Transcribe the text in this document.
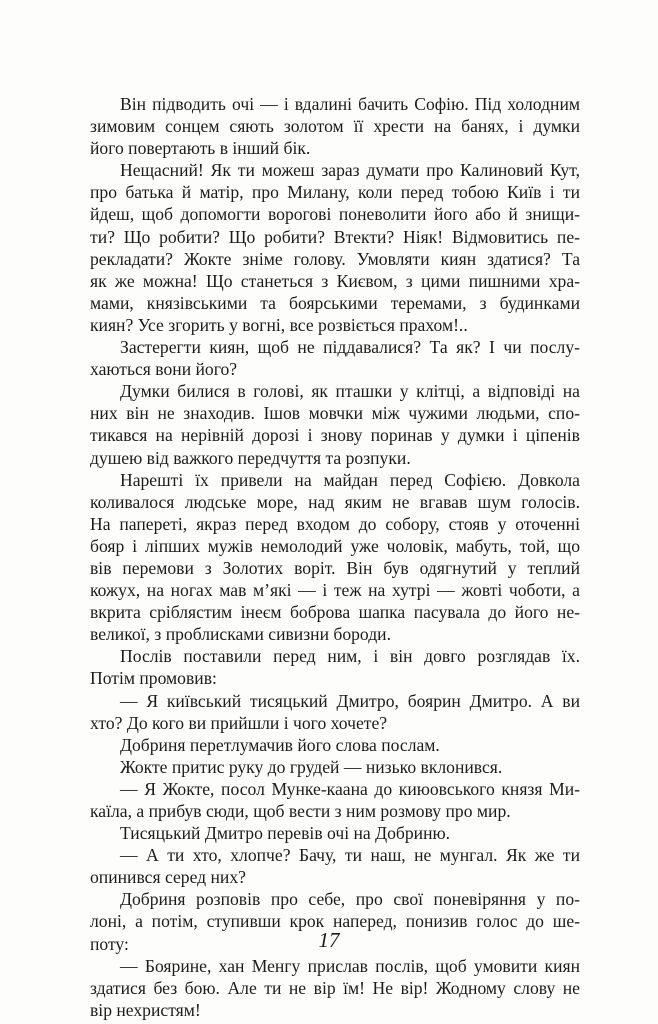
Він підводить очі — і вдалині бачить Софію. Під холодним
зимовим сонцем сяють золотом її хрести на банях, і думки
його повертають в інший бік.
Нещасний! Як ти можеш зараз думати про Калиновий Кут,
про батька й матір, про Милану, коли перед тобою Київ і ти
йдеш, щоб допомогти ворогові поневолити його або й знищи-
ти? Що робити? Що робити? Втекти? Ніяк! Відмовитись пе-
рекладати? Жокте зніме голову. Умовляти киян здатися? Та
як же можна! Що станеться з Києвом, з цими пишними хра-
мами, князівськими та боярськими теремами, з будинками
киян? Усе згорить у вогні, все розвіється прахом!..
Застерегти киян, щоб не піддавалися? Та як? І чи послу-
хаються вони його?
Думки билися в голові, як пташки у клітці, а відповіді на
них він не знаходив. Ішов мовчки між чужими людьми, спо-
тикався на нерівній дорозі і знову поринав у думки і ціпенів
душею від важкого передчуття та розпуки.
Нарешті їх привели на майдан перед Софією. Довкола
коливалося людське море, над яким не вгавав шум голосів.
На папереті, якраз перед входом до собору, стояв у оточенні
бояр і ліпших мужів немолодий уже чоловік, мабуть, той, що
вів перемови з Золотих воріт. Він був одягнутий у теплий
кожух, на ногах мав м’які — і теж на хутрі — жовті чоботи, а
вкрита сріблястим інеєм боброва шапка пасувала до його не-
великої, з проблисками сивизни бороди.
Послів поставили перед ним, і він довго розглядав їх.
Потім промовив:
— Я київський тисяцький Дмитро, боярин Дмитро. А ви
хто? До кого ви прийшли і чого хочете?
Добриня перетлумачив його слова послам.
Жокте притис руку до грудей — низько вклонився.
— Я Жокте, посол Мунке-каана до киюовського князя Ми-
каїла, а прибув сюди, щоб вести з ним розмову про мир.
Тисяцький Дмитро перевів очі на Добриню.
— А ти хто, хлопче? Бачу, ти наш, не мунгал. Як же ти
опинився серед них?
Добриня розповів про себе, про свої поневіряння у по-
лоні, а потім, ступивши крок наперед, понизив голос до ше-
поту:
— Боярине, хан Менгу прислав послів, щоб умовити киян
здатися без бою. Але ти не вір їм! Не вір! Жодному слову не
вір нехристям!
17
